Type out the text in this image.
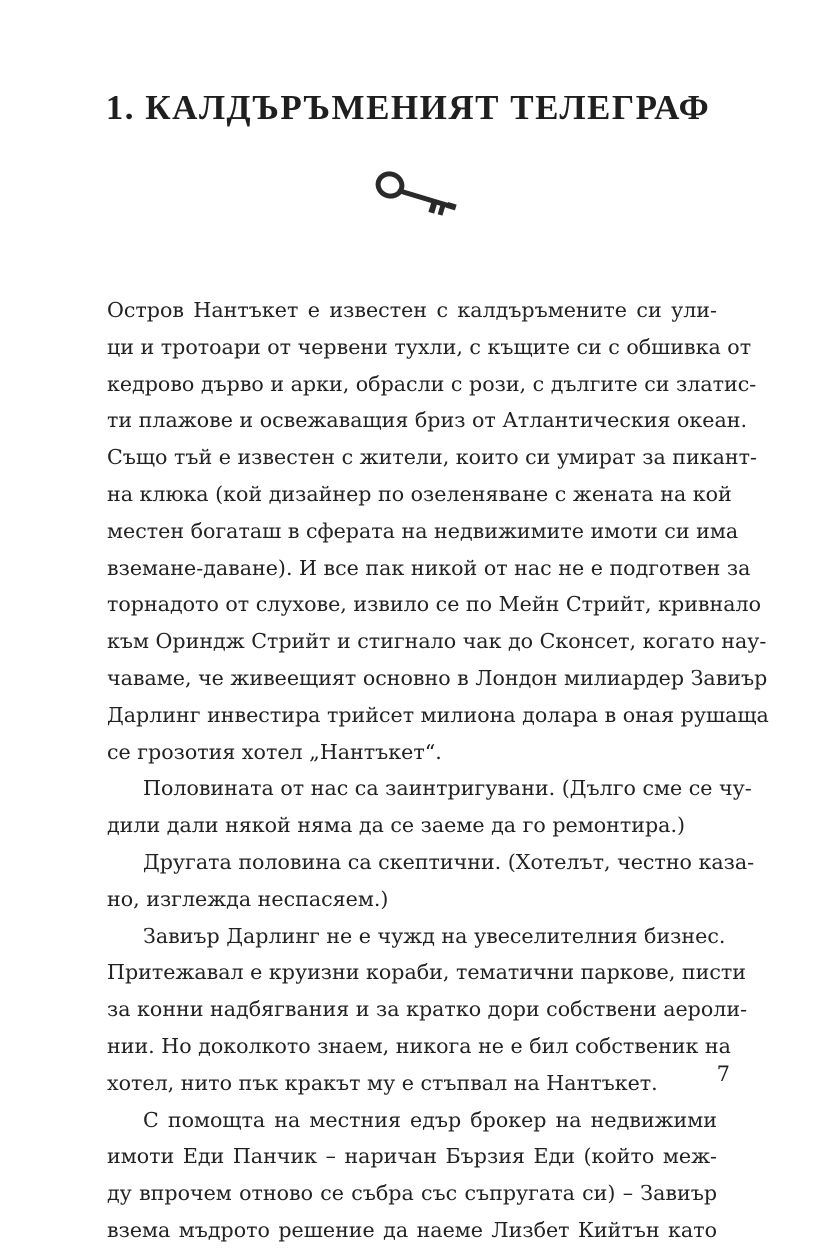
1. КАЛДЪРЪМЕНИЯТ ТЕЛЕГРАФ
Остров Нантъкет е известен с калдъръмените си ули-
ци и тротоари от червени тухли, с къщите си с обшивка от
кедрово дърво и арки, обрасли с рози, с дългите си златис-
ти плажове и освежаващия бриз от Атлантическия океан.
Също тъй е известен с жители, които си умират за пикант-
на клюка (кой дизайнер по озеленяване с жената на кой
местен богаташ в сферата на недвижимите имоти си има
вземане-даване). И все пак никой от нас не е подготвен за
торнадото от слухове, извило се по Мейн Стрийт, кривнало
към Ориндж Стрийт и стигнало чак до Сконсет, когато нау-
чаваме, че живеещият основно в Лондон милиардер Завиър
Дарлинг инвестира трийсет милиона долара в оная рушаща
се грозотия хотел „Нантъкет“.
Половината от нас са заинтригувани. (Дълго сме се чу-
дили дали някой няма да се заеме да го ремонтира.)
Другата половина са скептични. (Хотелът, честно каза-
но, изглежда неспасяем.)
Завиър Дарлинг не е чужд на увеселителния бизнес.
Притежавал е круизни кораби, тематични паркове, писти
за конни надбягвания и за кратко дори собствени аероли-
нии. Но доколкото знаем, никога не е бил собственик на
хотел, нито пък кракът му е стъпвал на Нантъкет.
С помощта на местния едър брокер на недвижими
имоти Еди Панчик – наричан Бързия Еди (който меж-
ду впрочем отново се събра със съпругата си) – Завиър
взема мъдрото решение да наеме Лизбет Кийтън като
7
